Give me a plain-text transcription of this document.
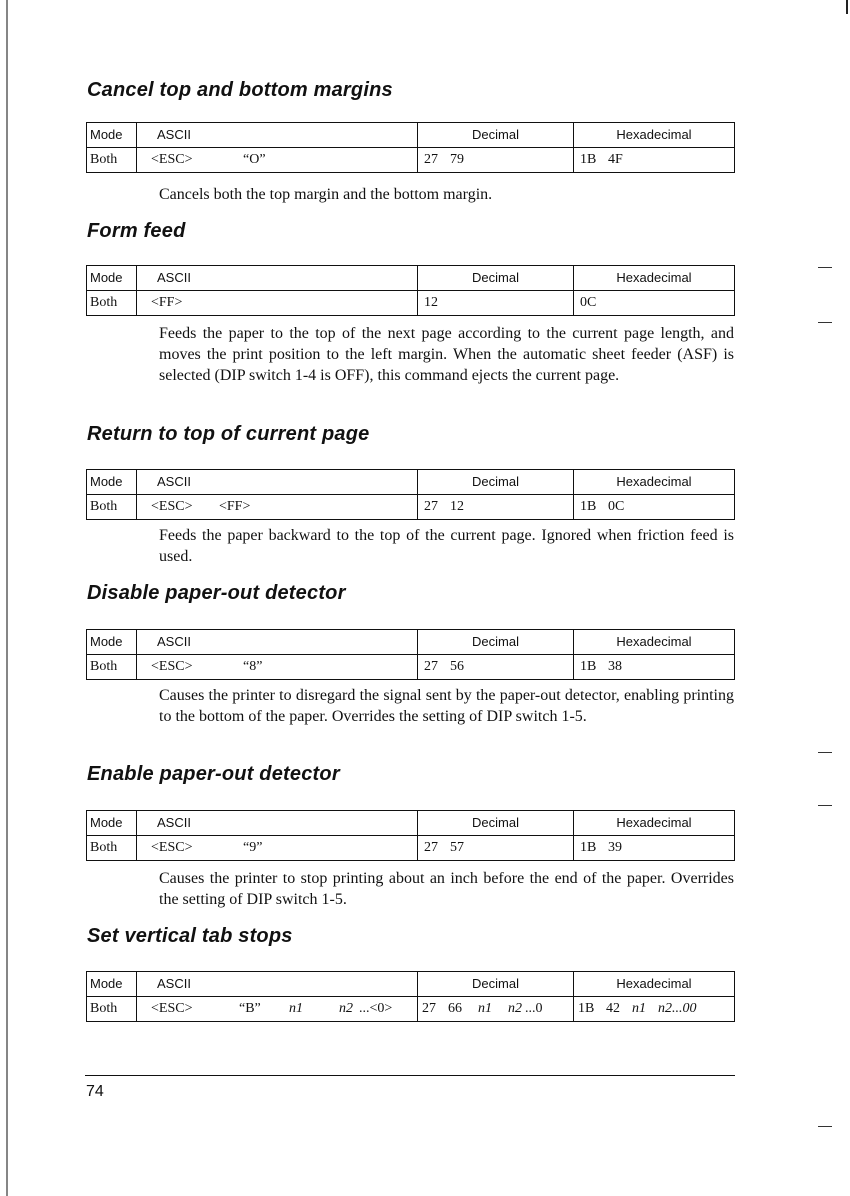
Cancel top and bottom margins
Mode	ASCII	Decimal	Hexadecimal
Both	<ESC> “O”	27 79	1B 4F

Cancels both the top margin and the bottom margin.

Form feed
Mode	ASCII	Decimal	Hexadecimal
Both	<FF>	12	0C

Feeds the paper to the top of the next page according to the current page length, and moves the print position to the left margin. When the automatic sheet feeder (ASF) is selected (DIP switch 1-4 is OFF), this command ejects the current page.

Return to top of current page
Mode	ASCII	Decimal	Hexadecimal
Both	<ESC> <FF>	27 12	1B 0C

Feeds the paper backward to the top of the current page. Ignored when friction feed is used.

Disable paper-out detector
Mode	ASCII	Decimal	Hexadecimal
Both	<ESC> “8”	27 56	1B 38

Causes the printer to disregard the signal sent by the paper-out detector, enabling printing to the bottom of the paper. Overrides the setting of DIP switch 1-5.

Enable paper-out detector
Mode	ASCII	Decimal	Hexadecimal
Both	<ESC> “9”	27 57	1B 39

Causes the printer to stop printing about an inch before the end of the paper. Overrides the setting of DIP switch 1-5.

Set vertical tab stops
Mode	ASCII	Decimal	Hexadecimal
Both	<ESC> “B” n1 n2 ...<0>	27 66 n1 n2 ...0	1B 42 n1 n2...00
74
